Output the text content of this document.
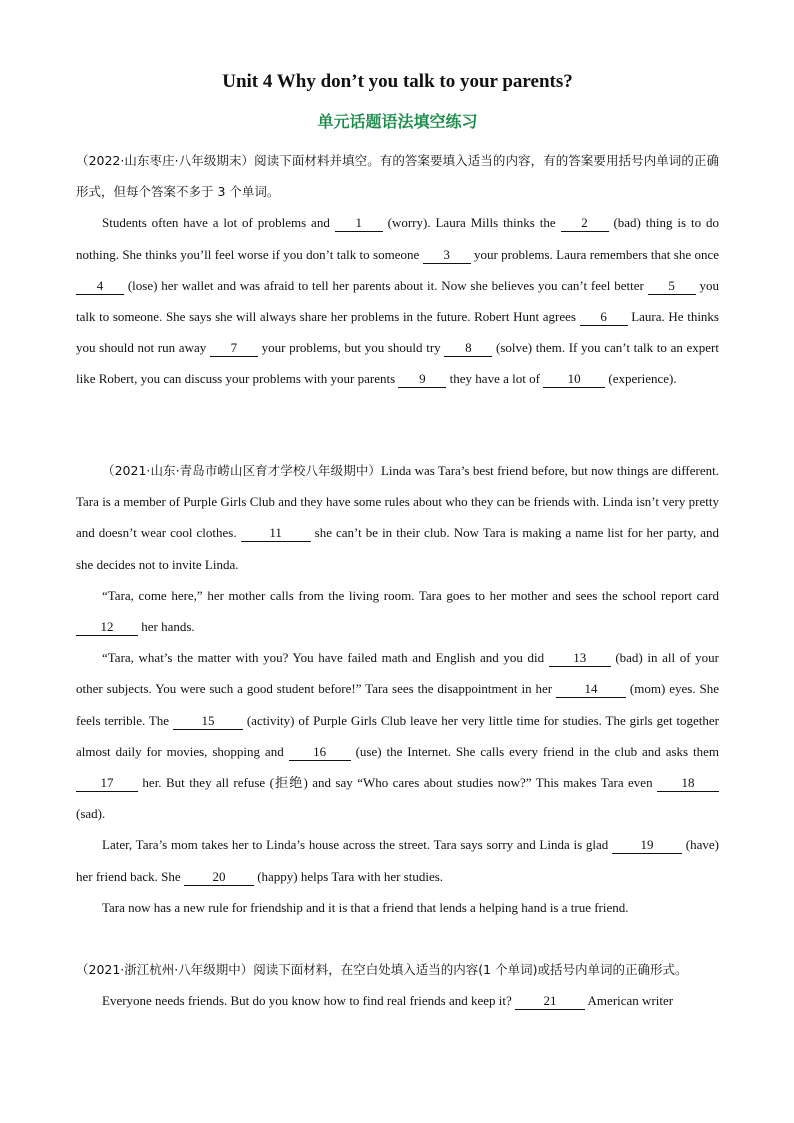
Unit 4 Why don’t you talk to your parents?
单元话题语法填空练习

（2022·山东枣庄·八年级期末）阅读下面材料并填空。有的答案要填入适当的内容，有的答案要用括号内单词的正确形式，但每个答案不多于 3 个单词。

Students often have a lot of problems and 1 (worry). Laura Mills thinks the 2 (bad) thing is to do nothing. She thinks you’ll feel worse if you don’t talk to someone 3 your problems. Laura remembers that she once 4 (lose) her wallet and was afraid to tell her parents about it. Now she believes you can’t feel better 5 you talk to someone. She says she will always share her problems in the future. Robert Hunt agrees 6 Laura. He thinks you should not run away 7 your problems, but you should try 8 (solve) them. If you can’t talk to an expert like Robert, you can discuss your problems with your parents 9 they have a lot of 10 (experience).

（2021·山东·青岛市崂山区育才学校八年级期中）Linda was Tara’s best friend before, but now things are different. Tara is a member of Purple Girls Club and they have some rules about who they can be friends with. Linda isn’t very pretty and doesn’t wear cool clothes. 11 she can’t be in their club. Now Tara is making a name list for her party, and she decides not to invite Linda.

“Tara, come here,” her mother calls from the living room. Tara goes to her mother and sees the school report card 12 her hands.

“Tara, what’s the matter with you? You have failed math and English and you did 13 (bad) in all of your other subjects. You were such a good student before!” Tara sees the disappointment in her 14 (mom) eyes. She feels terrible. The 15 (activity) of Purple Girls Club leave her very little time for studies. The girls get together almost daily for movies, shopping and 16 (use) the Internet. She calls every friend in the club and asks them 17 her. But they all refuse (拒绝) and say “Who cares about studies now?” This makes Tara even 18 (sad).

Later, Tara’s mom takes her to Linda’s house across the street. Tara says sorry and Linda is glad 19 (have) her friend back. She 20 (happy) helps Tara with her studies.

Tara now has a new rule for friendship and it is that a friend that lends a helping hand is a true friend.

（2021·浙江杭州·八年级期中）阅读下面材料，在空白处填入适当的内容(1 个单词)或括号内单词的正确形式。

Everyone needs friends. But do you know how to find real friends and keep it? 21 American writer
